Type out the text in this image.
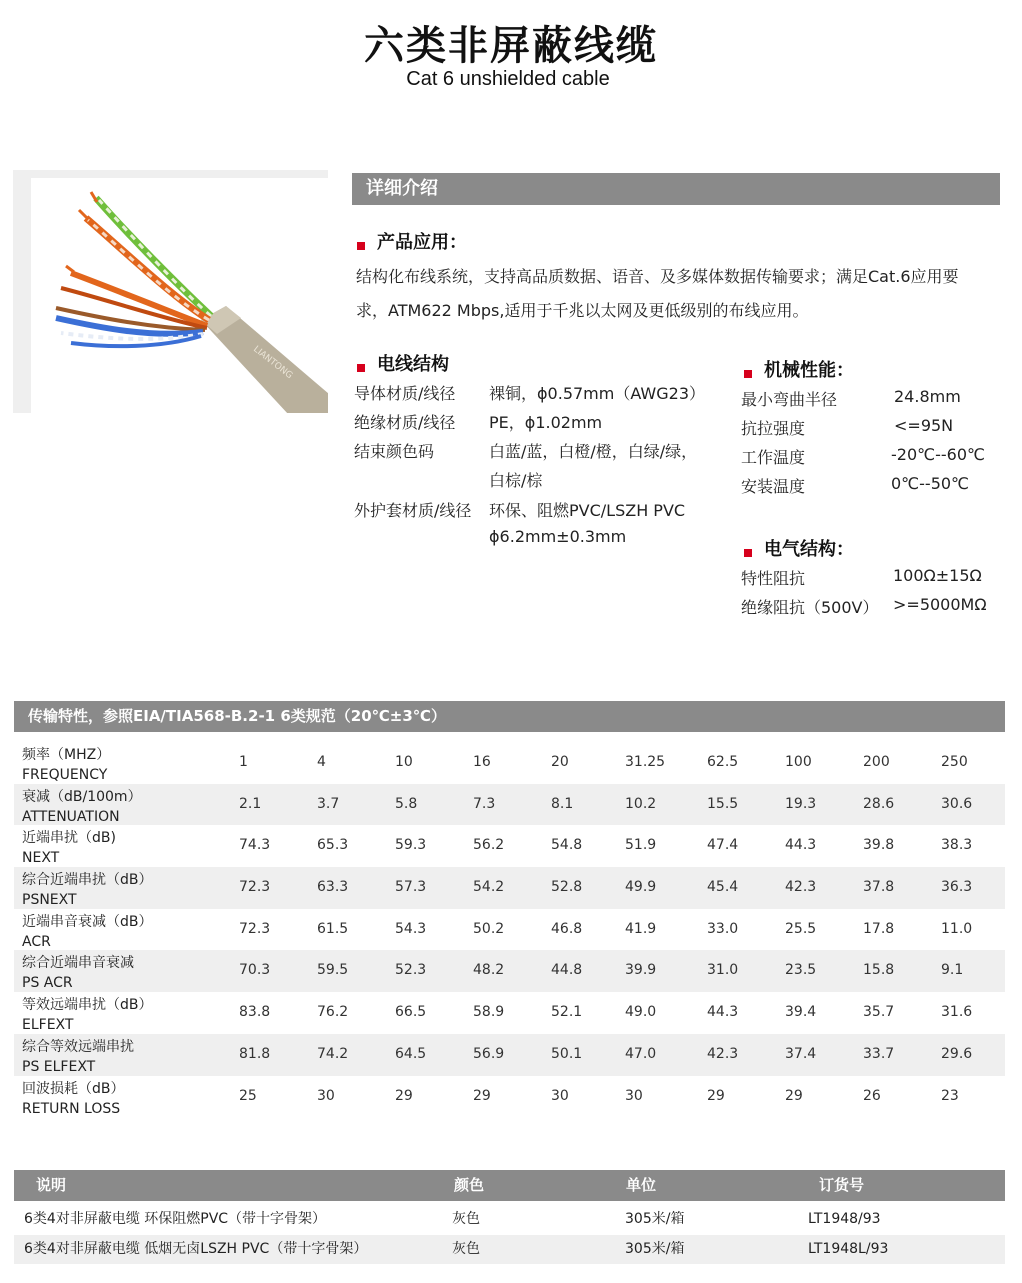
六类非屏蔽线缆
Cat 6 unshielded cable
LIANTONG
详细介绍
产品应用：
结构化布线系统，支持高品质数据、语音、及多媒体数据传输要求；满足Cat.6应用要
求，ATM622 Mbps,适用于千兆以太网及更低级别的布线应用。
电线结构
导体材质/线径 裸铜，ϕ0.57mm（AWG23）
绝缘材质/线径 PE，ϕ1.02mm
结束颜色码	白蓝/蓝，白橙/橙，白绿/绿，
白棕/棕
外护套材质/线径 环保、阻燃PVC/LSZH PVC
ϕ6.2mm±0.3mm
机械性能：
最小弯曲半径	24.8mm
抗拉强度	<=95N
工作温度	-20℃--60℃
安装温度	0℃--50℃
电气结构：
特性阻抗	100Ω±15Ω
绝缘阻抗（500V） >=5000MΩ
传输特性，参照EIA/TIA568-B.2-1 6类规范（20℃±3℃）
频率（MHZ）
FREQUENCY
1	4	10	16	20	31.25	62.5	100	200	250
衰减（dB/100m）
ATTENUATION
2.1	3.7	5.8	7.3	8.1	10.2	15.5	19.3	28.6	30.6
近端串扰（dB)
NEXT
74.3	65.3	59.3	56.2	54.8	51.9	47.4	44.3	39.8	38.3
综合近端串扰（dB）
PSNEXT
72.3	63.3	57.3	54.2	52.8	49.9	45.4	42.3	37.8	36.3
近端串音衰减（dB）
ACR
72.3	61.5	54.3	50.2	46.8	41.9	33.0	25.5	17.8	11.0
综合近端串音衰减
PS ACR
70.3	59.5	52.3	48.2	44.8	39.9	31.0	23.5	15.8	9.1
等效远端串扰（dB）
ELFEXT
83.8	76.2	66.5	58.9	52.1	49.0	44.3	39.4	35.7	31.6
综合等效远端串扰
PS ELFEXT
81.8	74.2	64.5	56.9	50.1	47.0	42.3	37.4	33.7	29.6
回波损耗（dB）
RETURN LOSS
25	30	29	29	30	30	29	29	26	23
说明	颜色	单位	订货号
6类4对非屏蔽电缆 环保阻燃PVC（带十字骨架）	灰色	305米/箱	LT1948/93
6类4对非屏蔽电缆 低烟无卤LSZH PVC（带十字骨架）	灰色	305米/箱	LT1948L/93
